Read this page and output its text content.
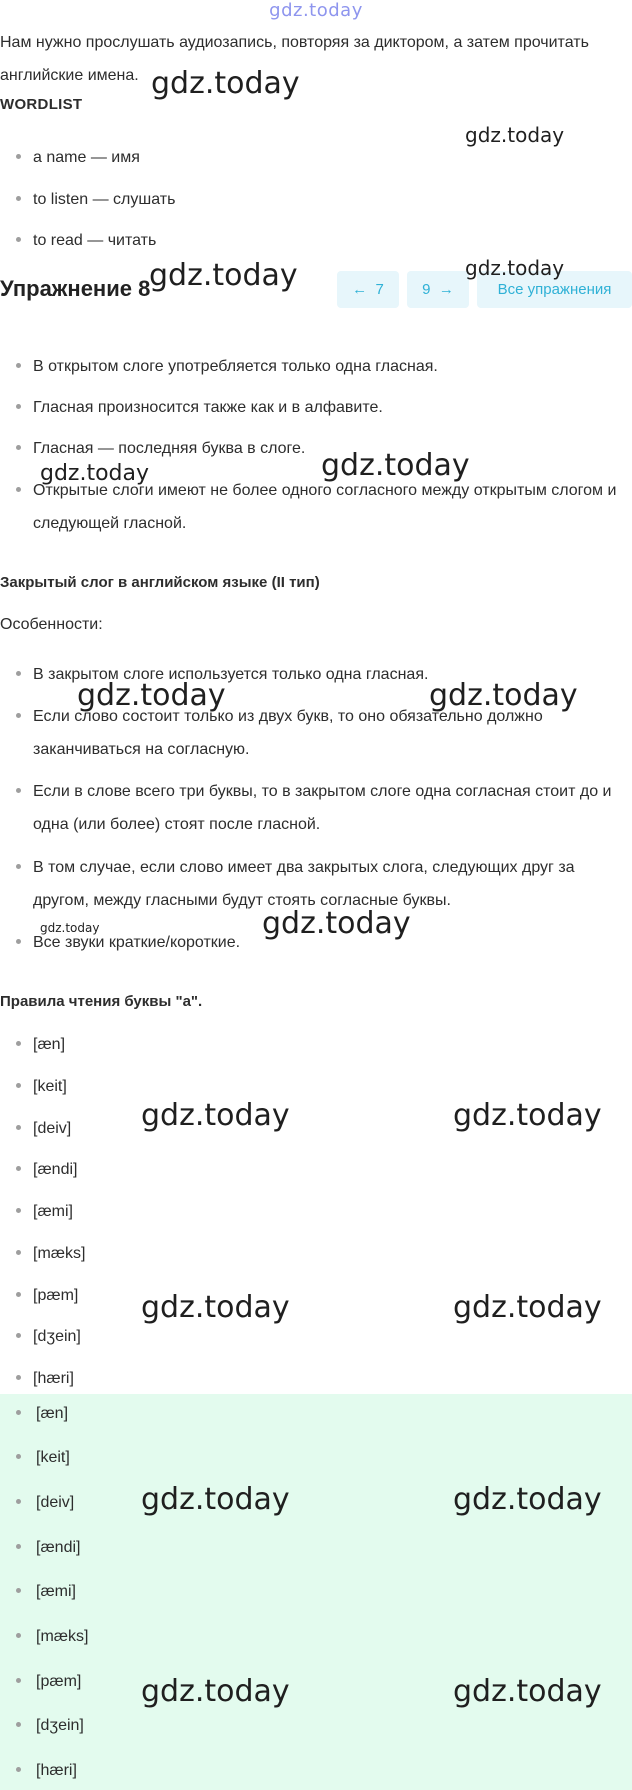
gdz.today

Нам нужно прослушать аудиозапись, повторяя за диктором, а затем прочитать английские имена.

WORDLIST
a name — имя
to listen — слушать
to read — читать
Упражнение 8	← 7	9 →	Все упражнения
В открытом слоге употребляется только одна гласная.
Гласная произносится также как и в алфавите.
Гласная — последняя буква в слоге.
Открытые слоги имеют не более одного согласного между открытым слогом и следующей гласной.
Закрытый слог в английском языке (II тип)

Особенности:

В закрытом слоге используется только одна гласная.
Если слово состоит только из двух букв, то оно обязательно должно заканчиваться на согласную.
Если в слове всего три буквы, то в закрытом слоге одна согласная стоит до и одна (или более) стоят после гласной.
В том случае, если слово имеет два закрытых слога, следующих друг за другом, между гласными будут стоять согласные буквы.
Все звуки краткие/короткие.
Правила чтения буквы "a".
[æn]
[keit]
[deiv]
[ændi]
[æmi]
[mæks]
[pæm]
[dʒein]
[hæri]
[æn]
[keit]
[deiv]
[ændi]
[æmi]
[mæks]
[pæm]
[dʒein]
[hæri]
gdz.today
gdz.today
gdz.today	gdz.today
gdz.today	gdz.today
gdz.today	gdz.today
gdz.today	gdz.today
gdz.today	gdz.today
gdz.today	gdz.today
gdz.today	gdz.today
gdz.today	gdz.today
